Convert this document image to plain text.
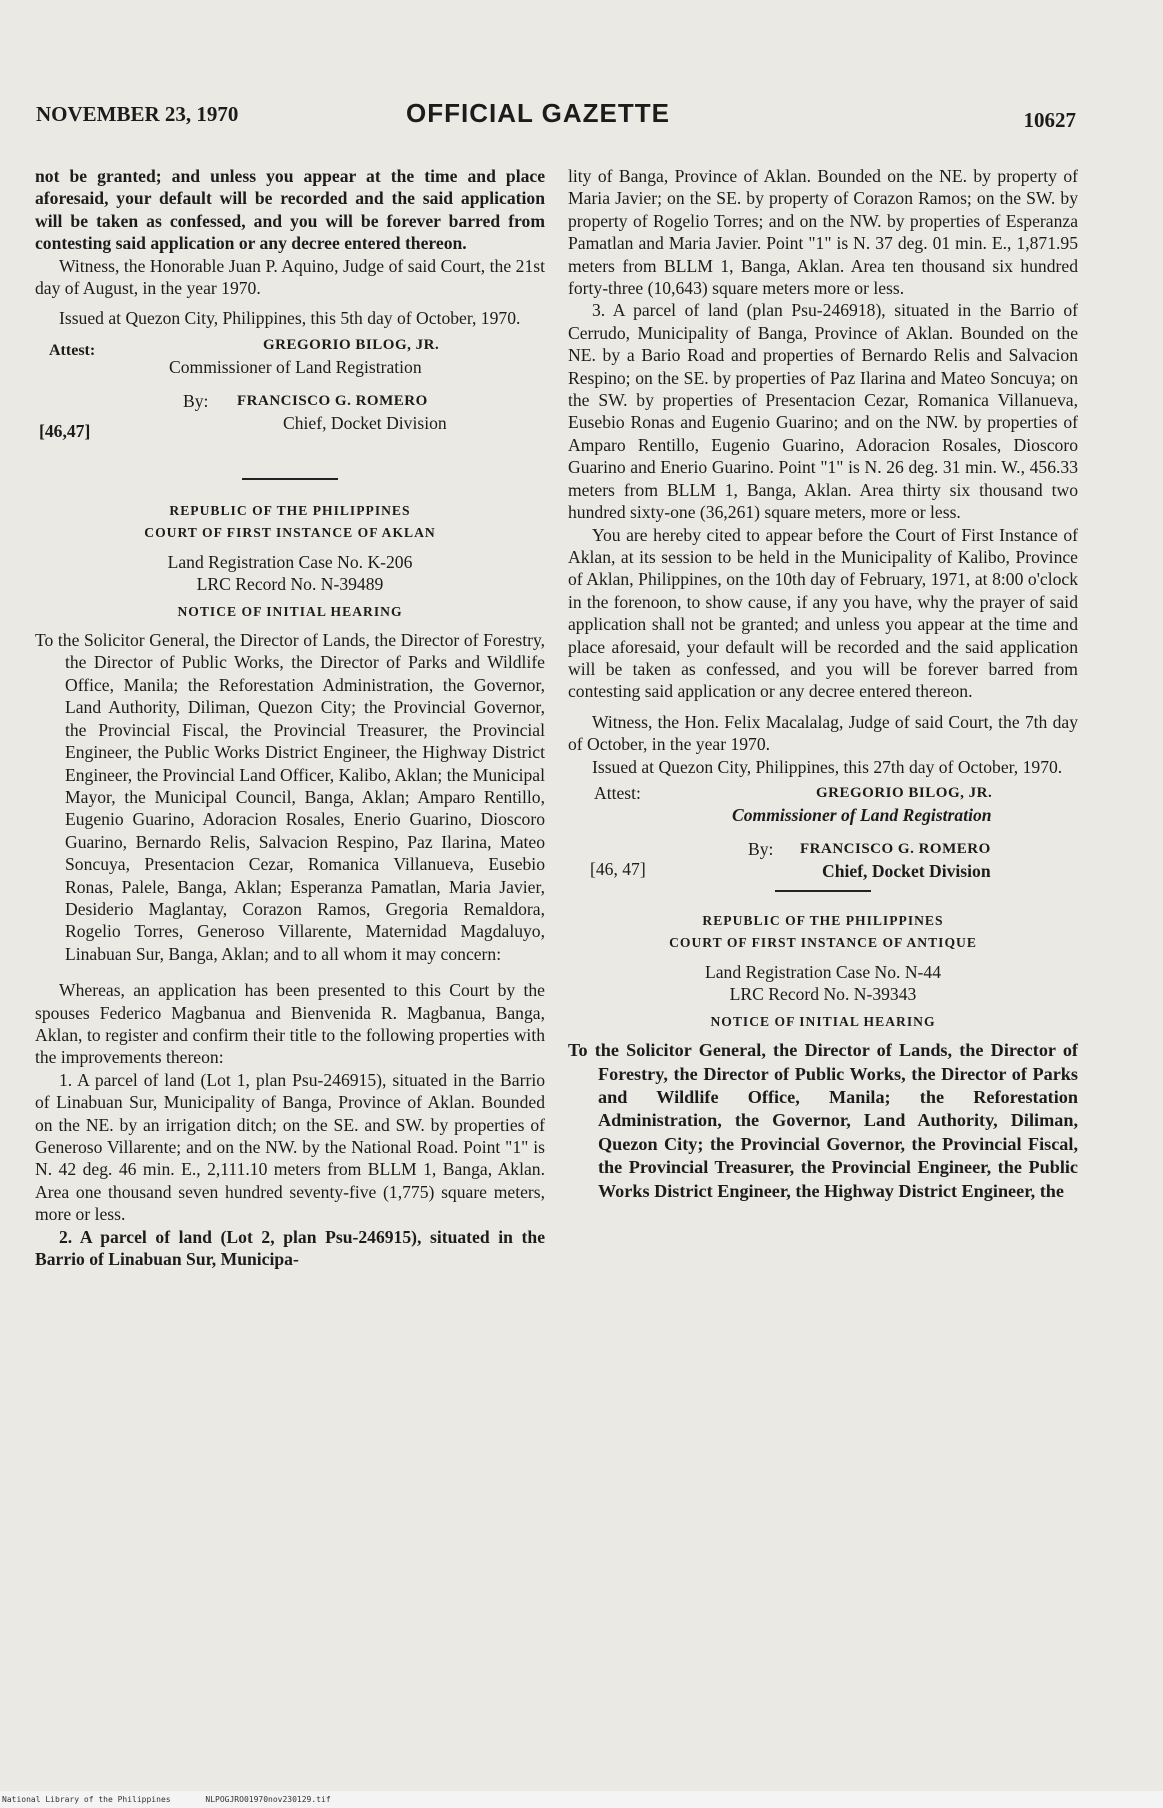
NOVEMBER 23, 1970	OFFICIAL GAZETTE	10627

not be granted; and unless you appear at the time and place aforesaid, your default will be recorded and the said application will be taken as confessed, and you will be forever barred from contesting said application or any decree entered thereon.

Witness, the Honorable Juan P. Aquino, Judge of said Court, the 21st day of August, in the year 1970.

Issued at Quezon City, Philippines, this 5th day of October, 1970.

Attest:	GREGORIO BILOG, JR.
Commissioner of Land Registration
By: FRANCISCO G. ROMERO
Chief, Docket Division
[46,47]
REPUBLIC OF THE PHILIPPINES
COURT OF FIRST INSTANCE OF AKLAN
Land Registration Case No. K-206
LRC Record No. N-39489
NOTICE OF INITIAL HEARING

To the Solicitor General, the Director of Lands, the Director of Forestry, the Director of Public Works, the Director of Parks and Wildlife Office, Manila; the Reforestation Administration, the Governor, Land Authority, Diliman, Quezon City; the Provincial Governor, the Provincial Fiscal, the Provincial Treasurer, the Provincial Engineer, the Public Works District Engineer, the Highway District Engineer, the Provincial Land Officer, Kalibo, Aklan; the Municipal Mayor, the Municipal Council, Banga, Aklan; Amparo Rentillo, Eugenio Guarino, Adoracion Rosales, Enerio Guarino, Dioscoro Guarino, Bernardo Relis, Salvacion Respino, Paz Ilarina, Mateo Soncuya, Presentacion Cezar, Romanica Villanueva, Eusebio Ronas, Palele, Banga, Aklan; Esperanza Pamatlan, Maria Javier, Desiderio Maglantay, Corazon Ramos, Gregoria Remaldora, Rogelio Torres, Generoso Villarente, Maternidad Magdaluyo, Linabuan Sur, Banga, Aklan; and to all whom it may concern:

Whereas, an application has been presented to this Court by the spouses Federico Magbanua and Bienvenida R. Magbanua, Banga, Aklan, to register and confirm their title to the following properties with the improvements thereon:

1. A parcel of land (Lot 1, plan Psu-246915), situated in the Barrio of Linabuan Sur, Municipality of Banga, Province of Aklan. Bounded on the NE. by an irrigation ditch; on the SE. and SW. by properties of Generoso Villarente; and on the NW. by the National Road. Point "1" is N. 42 deg. 46 min. E., 2,111.10 meters from BLLM 1, Banga, Aklan. Area one thousand seven hundred seventy-five (1,775) square meters, more or less.

2. A parcel of land (Lot 2, plan Psu-246915), situated in the Barrio of Linabuan Sur, Municipa-

lity of Banga, Province of Aklan. Bounded on the NE. by property of Maria Javier; on the SE. by property of Corazon Ramos; on the SW. by property of Rogelio Torres; and on the NW. by properties of Esperanza Pamatlan and Maria Javier. Point "1" is N. 37 deg. 01 min. E., 1,871.95 meters from BLLM 1, Banga, Aklan. Area ten thousand six hundred forty-three (10,643) square meters more or less.

3. A parcel of land (plan Psu-246918), situated in the Barrio of Cerrudo, Municipality of Banga, Province of Aklan. Bounded on the NE. by a Bario Road and properties of Bernardo Relis and Salvacion Respino; on the SE. by properties of Paz Ilarina and Mateo Soncuya; on the SW. by properties of Presentacion Cezar, Romanica Villanueva, Eusebio Ronas and Eugenio Guarino; and on the NW. by properties of Amparo Rentillo, Eugenio Guarino, Adoracion Rosales, Dioscoro Guarino and Enerio Guarino. Point "1" is N. 26 deg. 31 min. W., 456.33 meters from BLLM 1, Banga, Aklan. Area thirty six thousand two hundred sixty-one (36,261) square meters, more or less.

You are hereby cited to appear before the Court of First Instance of Aklan, at its session to be held in the Municipality of Kalibo, Province of Aklan, Philippines, on the 10th day of February, 1971, at 8:00 o'clock in the forenoon, to show cause, if any you have, why the prayer of said application shall not be granted; and unless you appear at the time and place aforesaid, your default will be recorded and the said application will be taken as confessed, and you will be forever barred from contesting said application or any decree entered thereon.

Witness, the Hon. Felix Macalalag, Judge of said Court, the 7th day of October, in the year 1970.

Issued at Quezon City, Philippines, this 27th day of October, 1970.

Attest:	GREGORIO BILOG, JR.
Commissioner of Land Registration
By: FRANCISCO G. ROMERO
Chief, Docket Division
[46, 47]
REPUBLIC OF THE PHILIPPINES
COURT OF FIRST INSTANCE OF ANTIQUE
Land Registration Case No. N-44
LRC Record No. N-39343
NOTICE OF INITIAL HEARING

To the Solicitor General, the Director of Lands, the Director of Forestry, the Director of Public Works, the Director of Parks and Wildlife Office, Manila; the Reforestation Administration, the Governor, Land Authority, Diliman, Quezon City; the Provincial Governor, the Provincial Fiscal, the Provincial Treasurer, the Provincial Engineer, the Public Works District Engineer, the Highway District Engineer, the

National Library of the Philippines	NLPOGJRO01970nov230129.tif
